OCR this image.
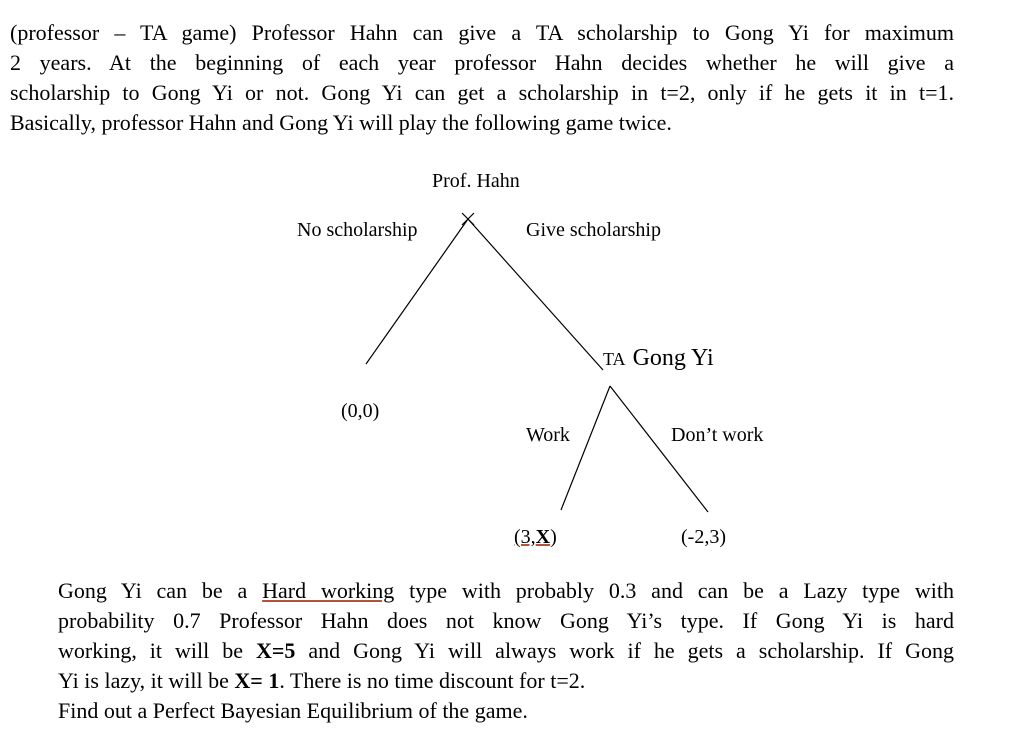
(professor – TA game) Professor Hahn can give a TA scholarship to Gong Yi for maximum
2 years. At the beginning of each year professor Hahn decides whether he will give a
scholarship to Gong Yi or not. Gong Yi can get a scholarship in t=2, only if he gets it in t=1.
Basically, professor Hahn and Gong Yi will play the following game twice.
Prof. Hahn
No scholarship	Give scholarship
(0,0)
TA Gong Yi
Work	Don’t work
(3,X)	(-2,3)
Gong Yi can be a Hard working type with probably 0.3 and can be a Lazy type with
probability 0.7 Professor Hahn does not know Gong Yi’s type. If Gong Yi is hard
working, it will be X=5 and Gong Yi will always work if he gets a scholarship. If Gong
Yi is lazy, it will be X= 1. There is no time discount for t=2.
Find out a Perfect Bayesian Equilibrium of the game.
